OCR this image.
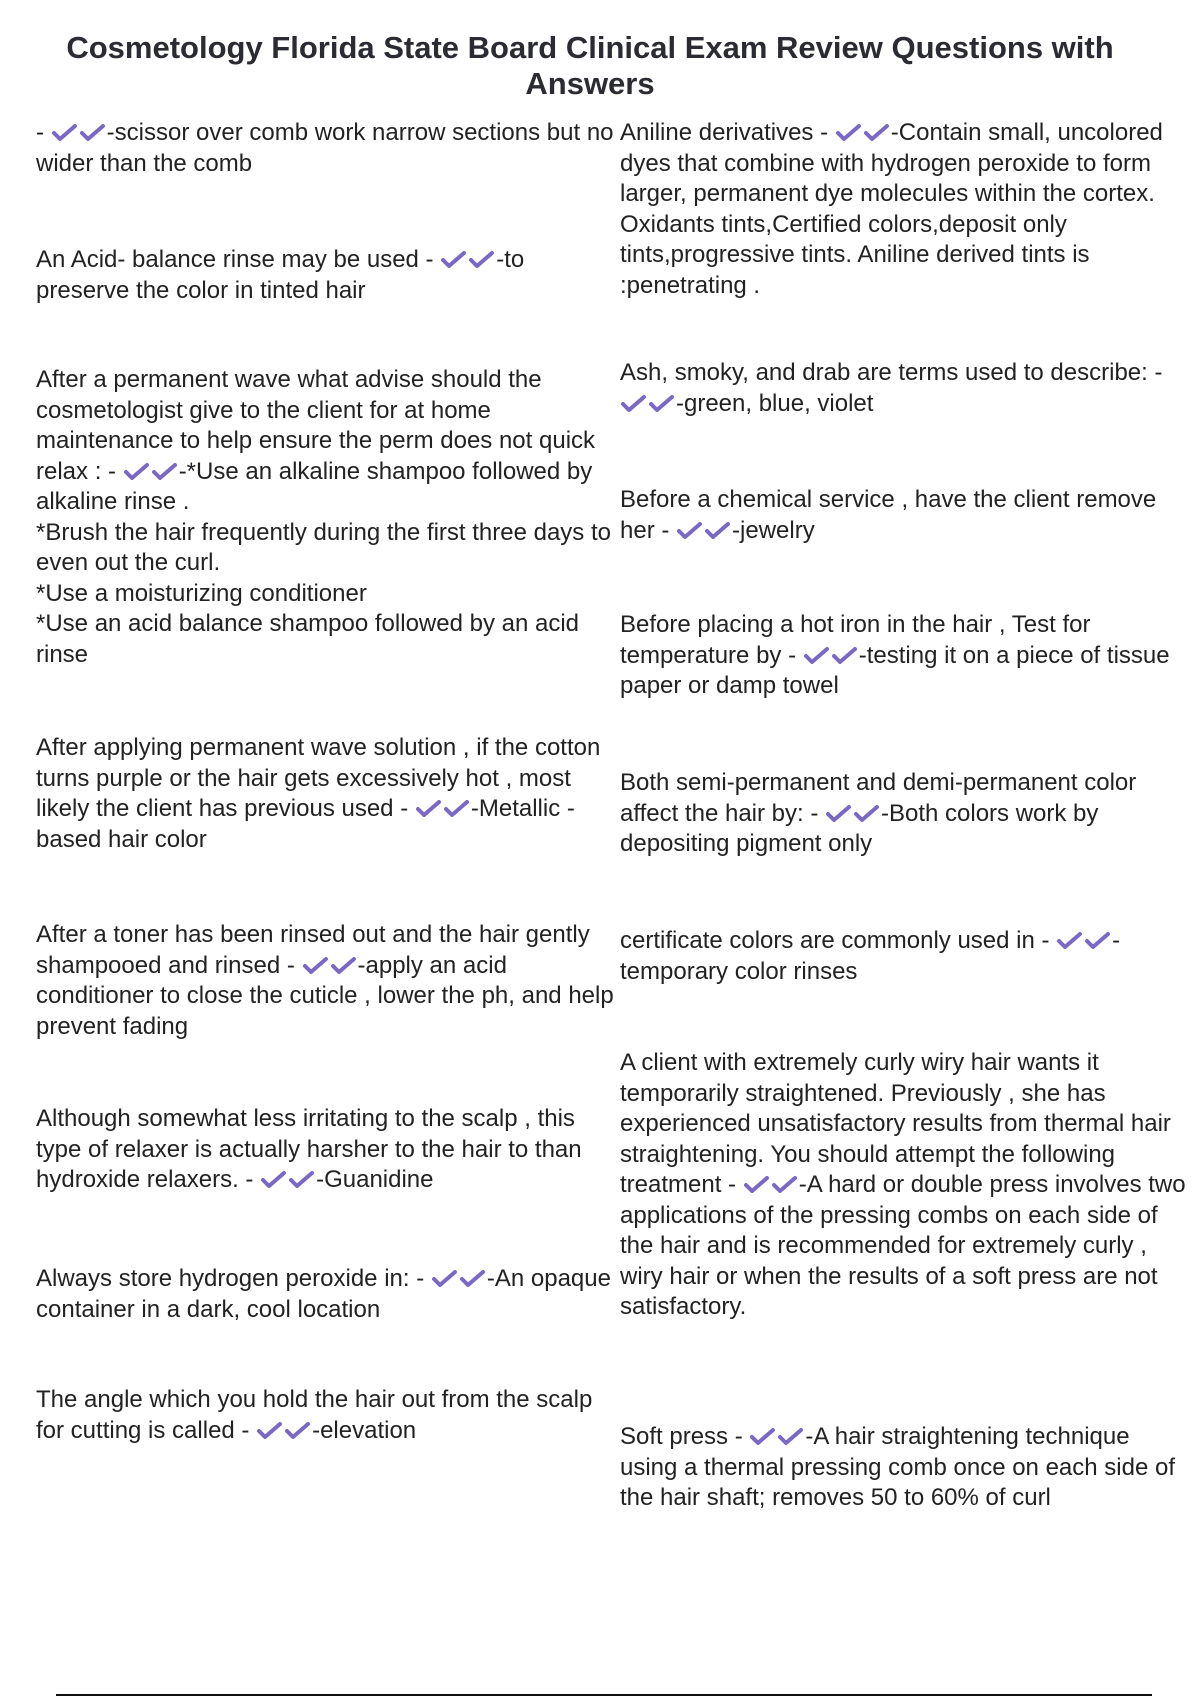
Cosmetology Florida State Board Clinical Exam Review Questions with Answers
-	-scissor over comb work narrow sections but no wider than the comb
An Acid- balance rinse may be used -	-to preserve the color in tinted hair
After a permanent wave what advise should the cosmetologist give to the client for at home maintenance to help ensure the perm does not quick relax : -	-*Use an alkaline shampoo followed by alkaline rinse .
*Brush the hair frequently during the first three days to even out the curl.
*Use a moisturizing conditioner
*Use an acid balance shampoo followed by an acid rinse
After applying permanent wave solution , if the cotton turns purple or the hair gets excessively hot , most likely the client has previous used -	-Metallic - based hair color
After a toner has been rinsed out and the hair gently shampooed and rinsed -	-apply an acid conditioner to close the cuticle , lower the ph, and help prevent fading
Although somewhat less irritating to the scalp , this type of relaxer is actually harsher to the hair to than hydroxide relaxers. -	-Guanidine
Always store hydrogen peroxide in: -	-An opaque container in a dark, cool location
The angle which you hold the hair out from the scalp for cutting is called -	-elevation
Aniline derivatives -	-Contain small, uncolored dyes that combine with hydrogen peroxide to form larger, permanent dye molecules within the cortex. Oxidants tints,Certified colors,deposit only tints,progressive tints. Aniline derived tints is :penetrating .
Ash, smoky, and drab are terms used to describe: -
-green, blue, violet
Before a chemical service , have the client remove her -	-jewelry
Before placing a hot iron in the hair , Test for temperature by -	-testing it on a piece of tissue paper or damp towel
Both semi-permanent and demi-permanent color affect the hair by: -	-Both colors work by depositing pigment only
certificate colors are commonly used in -	-temporary color rinses
A client with extremely curly wiry hair wants it temporarily straightened. Previously , she has experienced unsatisfactory results from thermal hair straightening. You should attempt the following treatment -	-A hard or double press involves two applications of the pressing combs on each side of the hair and is recommended for extremely curly , wiry hair or when the results of a soft press are not satisfactory.
Soft press -	-A hair straightening technique using a thermal pressing comb once on each side of the hair shaft; removes 50 to 60% of curl
